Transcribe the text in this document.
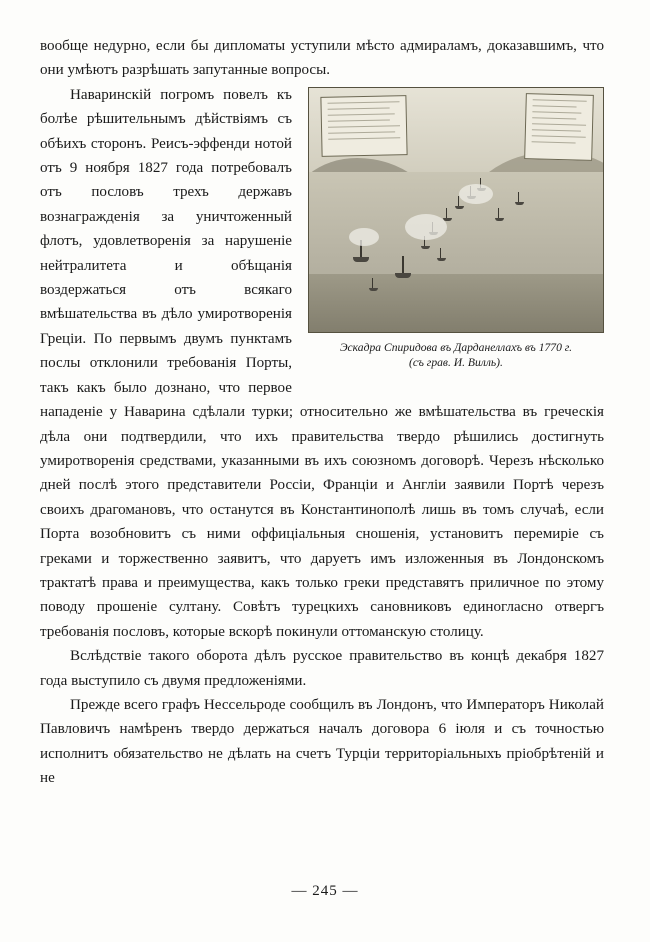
вообще недурно, если бы дипломаты уступили мѣсто адмираламъ, доказавшимъ, что они умѣютъ разрѣшать запутанные вопросы.

Эскадра Спиридова въ Дарданеллахъ въ 1770 г.
(съ грав. И. Вилль).

Наваринскій погромъ повелъ къ болѣе рѣшительнымъ дѣйствіямъ съ обѣихъ сторонъ. Реисъ-эффенди нотой отъ 9 ноября 1827 года потребовалъ отъ пословъ трехъ державъ вознагражденія за уничтоженный флотъ, удовлетворенія за нарушеніе нейтралитета и обѣщанія воздержаться отъ всякаго вмѣшательства въ дѣло умиротворенія Греціи. По первымъ двумъ пунктамъ послы отклонили требованія Порты, такъ какъ было дознано, что первое нападеніе у Наварина сдѣлали турки; относительно же вмѣшательства въ греческія дѣла они подтвердили, что ихъ правительства твердо рѣшились достигнуть умиротворенія средствами, указанными въ ихъ союзномъ договорѣ. Черезъ нѣсколько дней послѣ этого представители Россіи, Франціи и Англіи заявили Портѣ черезъ своихъ драгомановъ, что останутся въ Константинополѣ лишь въ томъ случаѣ, если Порта возобновитъ съ ними оффиціальныя сношенія, установитъ перемиріе съ греками и торжественно заявитъ, что даруетъ имъ изложенныя въ Лондонскомъ трактатѣ права и преимущества, какъ только греки представятъ приличное по этому поводу прошеніе султану. Совѣтъ турецкихъ сановниковъ единогласно отвергъ требованія пословъ, которые вскорѣ покинули оттоманскую столицу.

Вслѣдствіе такого оборота дѣлъ русское правительство въ концѣ декабря 1827 года выступило съ двумя предложеніями.

Прежде всего графъ Нессельроде сообщилъ въ Лондонъ, что Императоръ Николай Павловичъ намѣренъ твердо держаться началъ договора 6 іюля и съ точностью исполнитъ обязательство не дѣлать на счетъ Турціи территоріальныхъ пріобрѣтеній и не

— 245 —
